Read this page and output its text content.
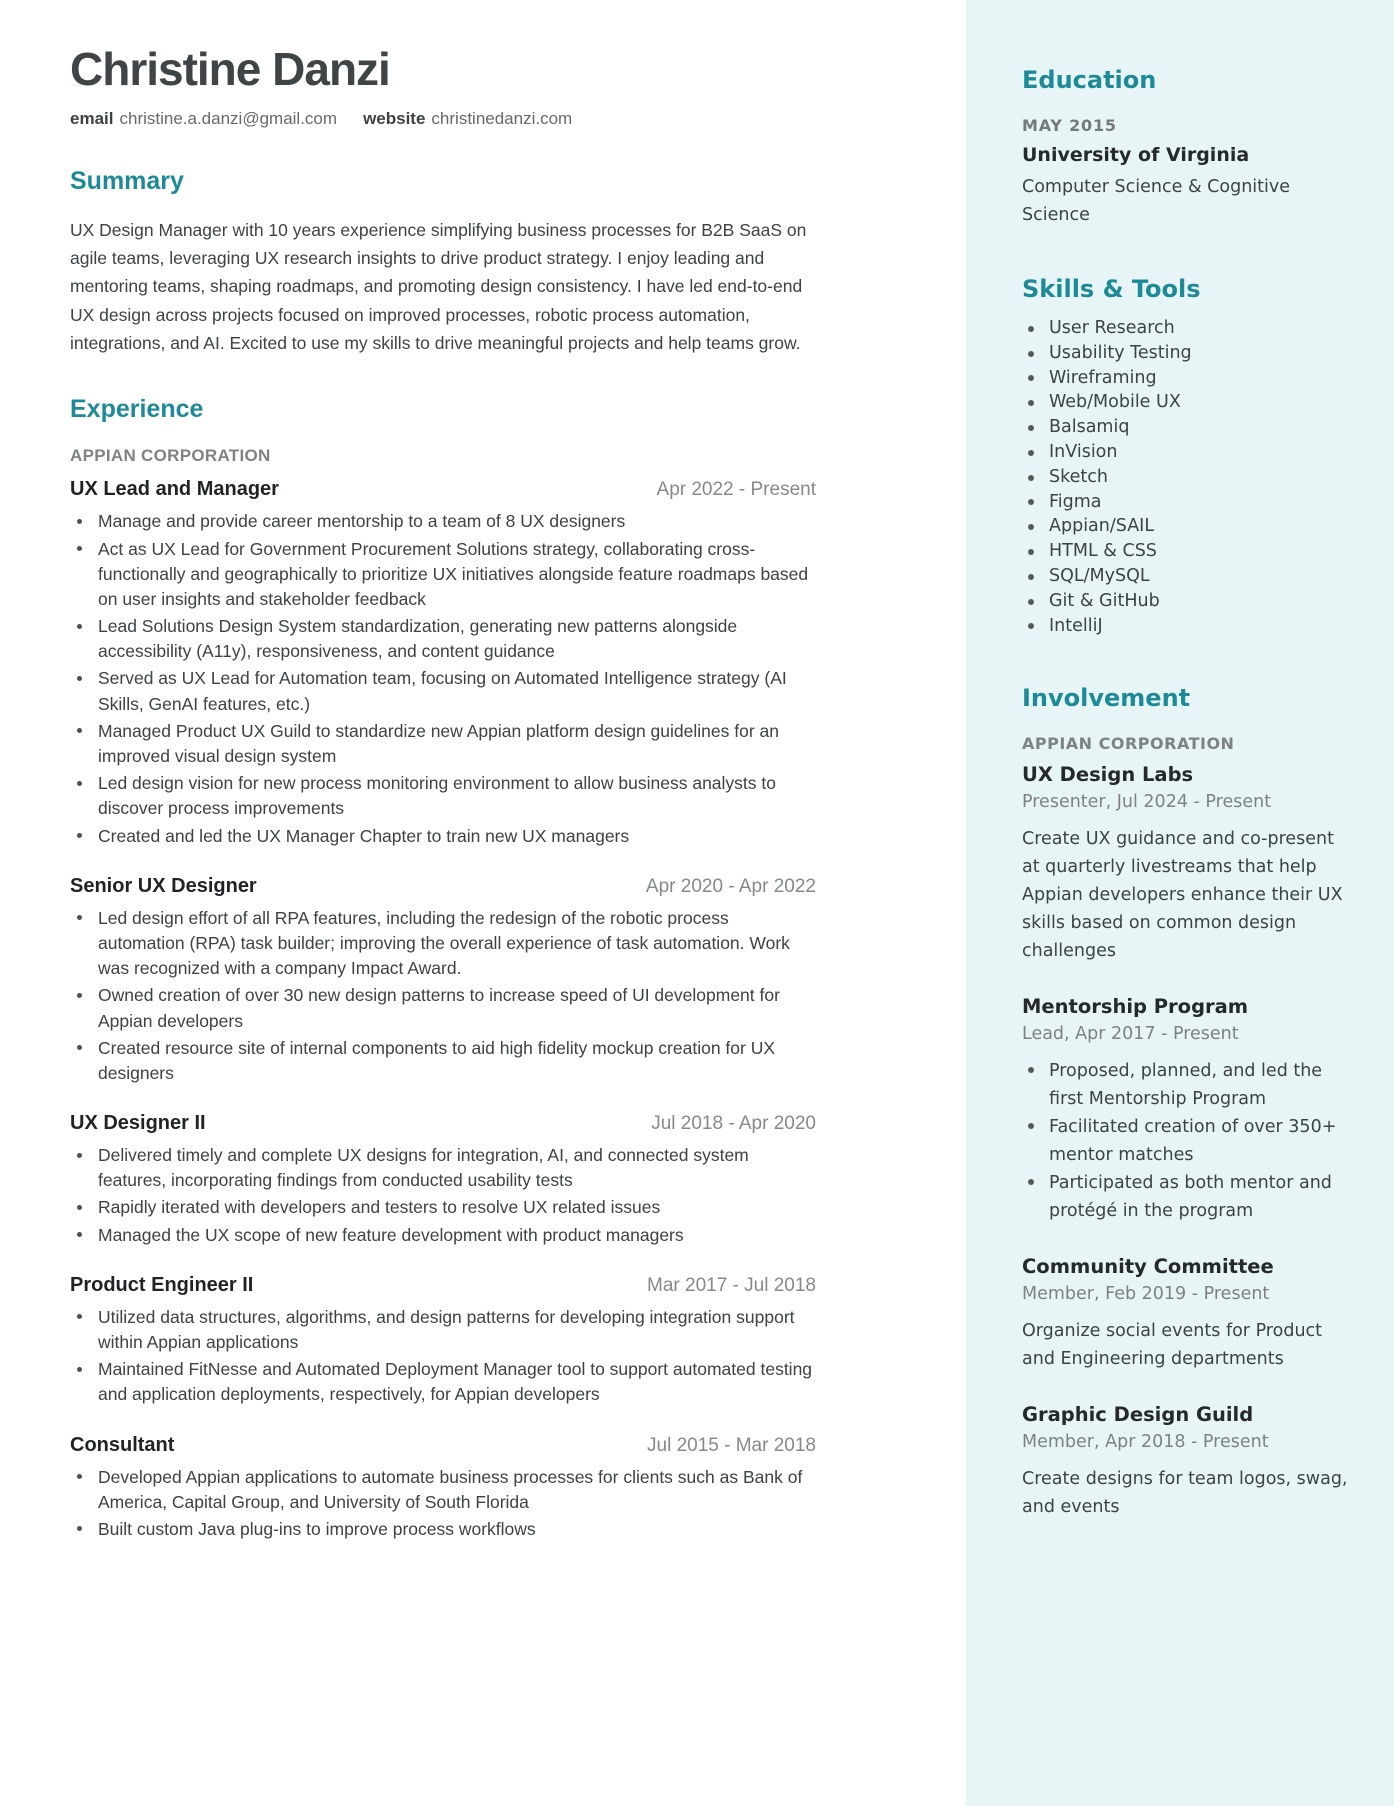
Christine Danzi
email christine.a.danzi@gmail.com website christinedanzi.com
Summary

UX Design Manager with 10 years experience simplifying business processes for B2B SaaS on agile teams, leveraging UX research insights to drive product strategy. I enjoy leading and mentoring teams, shaping roadmaps, and promoting design consistency. I have led end-to-end UX design across projects focused on improved processes, robotic process automation, integrations, and AI. Excited to use my skills to drive meaningful projects and help teams grow.

Experience
APPIAN CORPORATION
UX Lead and Manager	Apr 2022 - Present
Manage and provide career mentorship to a team of 8 UX designers
Act as UX Lead for Government Procurement Solutions strategy, collaborating cross-functionally and geographically to prioritize UX initiatives alongside feature roadmaps based on user insights and stakeholder feedback
Lead Solutions Design System standardization, generating new patterns alongside accessibility (A11y), responsiveness, and content guidance
Served as UX Lead for Automation team, focusing on Automated Intelligence strategy (AI Skills, GenAI features, etc.)
Managed Product UX Guild to standardize new Appian platform design guidelines for an improved visual design system
Led design vision for new process monitoring environment to allow business analysts to discover process improvements
Created and led the UX Manager Chapter to train new UX managers
Senior UX Designer	Apr 2020 - Apr 2022
Led design effort of all RPA features, including the redesign of the robotic process automation (RPA) task builder; improving the overall experience of task automation. Work was recognized with a company Impact Award.
Owned creation of over 30 new design patterns to increase speed of UI development for Appian developers
Created resource site of internal components to aid high fidelity mockup creation for UX designers
UX Designer II	Jul 2018 - Apr 2020
Delivered timely and complete UX designs for integration, AI, and connected system features, incorporating findings from conducted usability tests
Rapidly iterated with developers and testers to resolve UX related issues
Managed the UX scope of new feature development with product managers
Product Engineer II	Mar 2017 - Jul 2018
Utilized data structures, algorithms, and design patterns for developing integration support within Appian applications
Maintained FitNesse and Automated Deployment Manager tool to support automated testing and application deployments, respectively, for Appian developers
Consultant	Jul 2015 - Mar 2018
Developed Appian applications to automate business processes for clients such as Bank of America, Capital Group, and University of South Florida
Built custom Java plug-ins to improve process workflows
Education
MAY 2015
University of Virginia
Computer Science & Cognitive Science
Skills & Tools
User Research
Usability Testing
Wireframing
Web/Mobile UX
Balsamiq
InVision
Sketch
Figma
Appian/SAIL
HTML & CSS
SQL/MySQL
Git & GitHub
IntelliJ
Involvement
APPIAN CORPORATION
UX Design Labs
Presenter, Jul 2024 - Present
Create UX guidance and co-present at quarterly livestreams that help Appian developers enhance their UX skills based on common design challenges
Mentorship Program
Lead, Apr 2017 - Present
Proposed, planned, and led the first Mentorship Program
Facilitated creation of over 350+ mentor matches
Participated as both mentor and protégé in the program
Community Committee
Member, Feb 2019 - Present
Organize social events for Product and Engineering departments
Graphic Design Guild
Member, Apr 2018 - Present
Create designs for team logos, swag, and events
